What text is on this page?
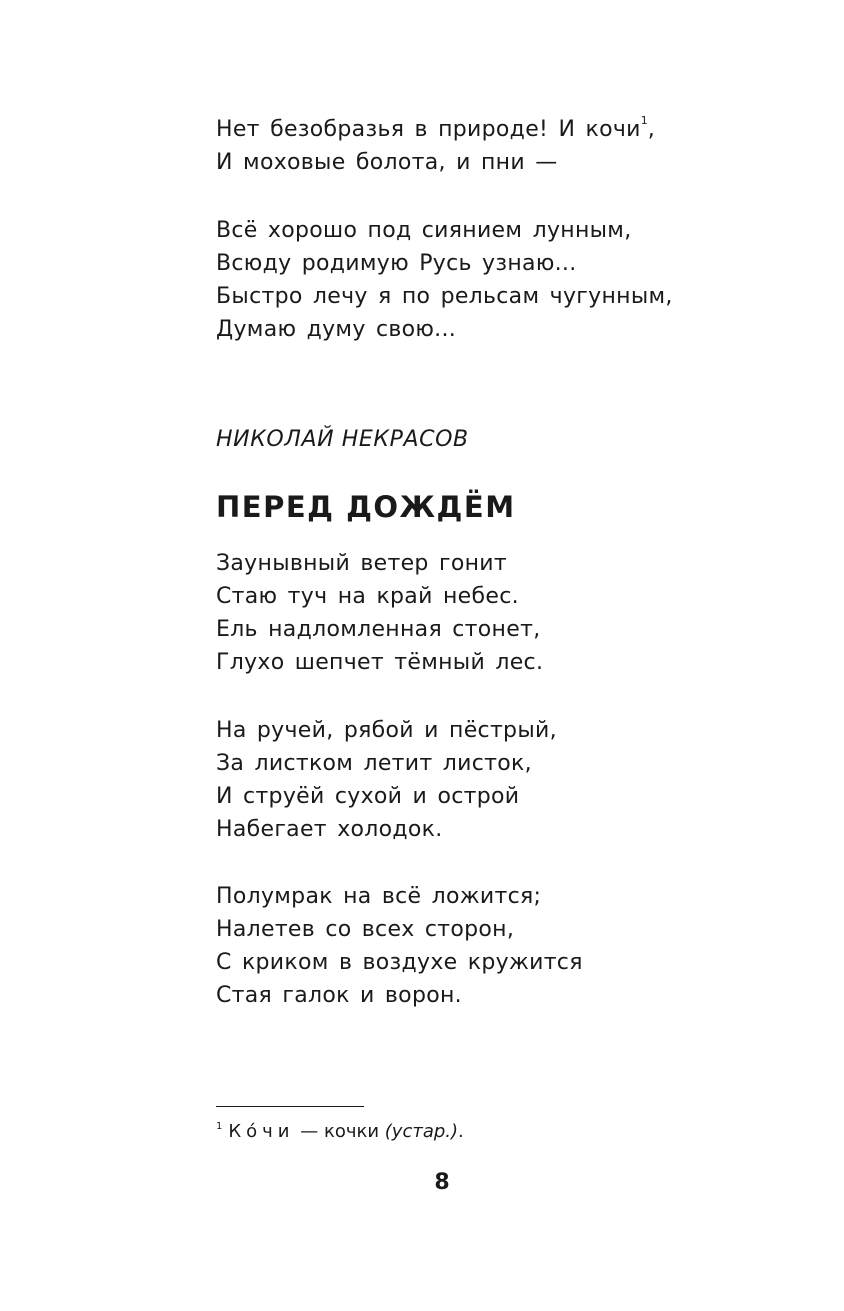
Нет безобразья в природе! И кочи$^1$,
И моховые болота, и пни —
Всё хорошо под сиянием лунным,
Всюду родимую Русь узнаю...
Быстро лечу я по рельсам чугунным,
Думаю думу свою...
НИКОЛАЙ НЕКРАСОВ
ПЕРЕД ДОЖДЁМ
Заунывный ветер гонит
Стаю туч на край небес.
Ель надломленная стонет,
Глухо шепчет тёмный лес.
На ручей, рябой и пёстрый,
За листком летит листок,
И струёй сухой и острой
Набегает холодок.
Полумрак на всё ложится;
Налетев со всех сторон,
С криком в воздухе кружится
Стая галок и ворон.
$^1$ Ко́чи — кочки (устар.).
8
